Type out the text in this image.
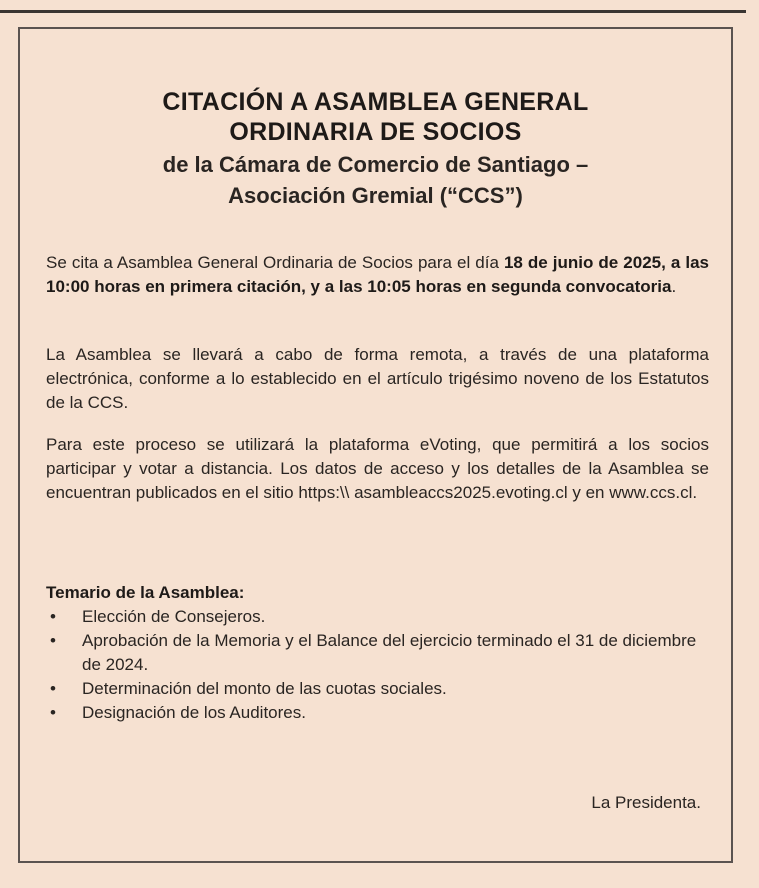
CITACIÓN A ASAMBLEA GENERAL
ORDINARIA DE SOCIOS
de la Cámara de Comercio de Santiago –
Asociación Gremial (“CCS”)
Se cita a Asamblea General Ordinaria de Socios para el día 18 de junio de 2025, a las 10:00 horas en primera citación, y a las 10:05 horas en segunda convocatoria.
La Asamblea se llevará a cabo de forma remota, a través de una plataforma electrónica, conforme a lo establecido en el artículo trigésimo noveno de los Estatutos de la CCS.
Para este proceso se utilizará la plataforma eVoting, que permitirá a los socios participar y votar a distancia. Los datos de acceso y los detalles de la Asamblea se encuentran publicados en el sitio https:\\ asambleaccs2025.evoting.cl y en www.ccs.cl.
Temario de la Asamblea:
• Elección de Consejeros.
• Aprobación de la Memoria y el Balance del ejercicio terminado el 31 de diciembre de 2024.
• Determinación del monto de las cuotas sociales.
• Designación de los Auditores.
La Presidenta.
